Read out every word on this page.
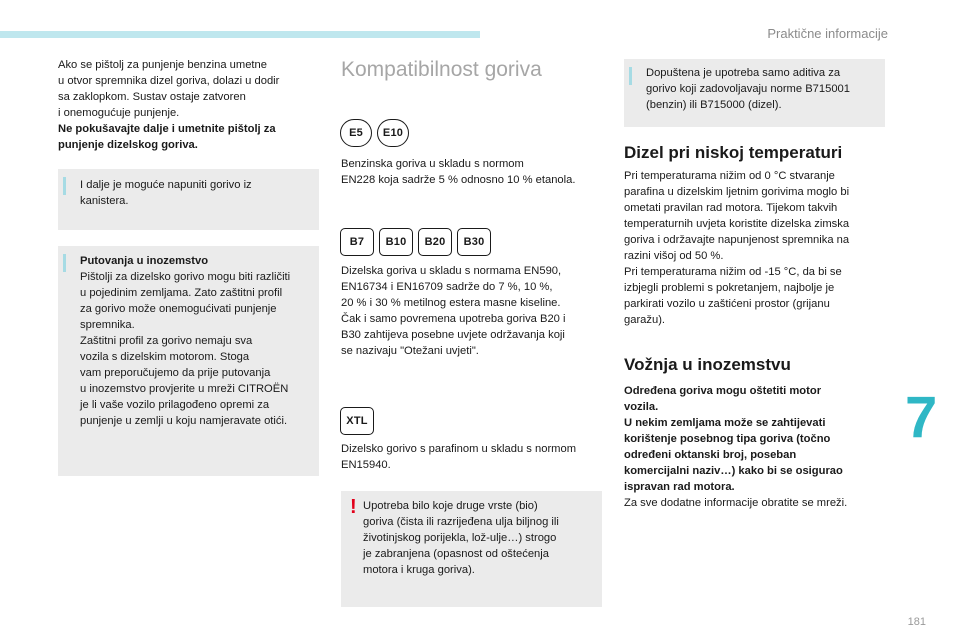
Praktične informacije

Ako se pištolj za punjenje benzina umetne

u otvor spremnika dizel goriva, dolazi u dodir

sa zaklopkom. Sustav ostaje zatvoren

i onemogućuje punjenje.

Ne pokušavajte dalje i umetnite pištolj za

punjenje dizelskog goriva.

I dalje je moguće napuniti gorivo iz

kanistera.

Putovanja u inozemstvo

Pištolji za dizelsko gorivo mogu biti različiti

u pojedinim zemljama. Zato zaštitni profil

za gorivo može onemogućivati punjenje

spremnika.

Zaštitni profil za gorivo nemaju sva

vozila s dizelskim motorom. Stoga

vam preporučujemo da prije putovanja

u inozemstvo provjerite u mreži CITROËN

je li vaše vozilo prilagođeno opremi za

punjenje u zemlji u koju namjeravate otići.

Kompatibilnost goriva
E5	E10

Benzinska goriva u skladu s normom

EN228 koja sadrže 5 % odnosno 10 % etanola.

B7	B10	B20	B30

Dizelska goriva u skladu s normama EN590,

EN16734 i EN16709 sadrže do 7 %, 10 %,

20 % i 30 % metilnog estera masne kiseline.

Čak i samo povremena upotreba goriva B20 i

B30 zahtijeva posebne uvjete održavanja koji

se nazivaju "Otežani uvjeti".

XTL

Dizelsko gorivo s parafinom u skladu s normom

EN15940.

! Upotreba bilo koje druge vrste (bio)

goriva (čista ili razrijeđena ulja biljnog ili

životinjskog porijekla, lož-ulje…) strogo

je zabranjena (opasnost od oštećenja

motora i kruga goriva).

Dopuštena je upotreba samo aditiva za

gorivo koji zadovoljavaju norme B715001

(benzin) ili B715000 (dizel).

Dizel pri niskoj temperaturi

Pri temperaturama nižim od 0 °C stvaranje

parafina u dizelskim ljetnim gorivima moglo bi

ometati pravilan rad motora. Tijekom takvih

temperaturnih uvjeta koristite dizelska zimska

goriva i održavajte napunjenost spremnika na

razini višoj od 50 %.

Pri temperaturama nižim od -15 °C, da bi se

izbjegli problemi s pokretanjem, najbolje je

parkirati vozilo u zaštićeni prostor (grijanu

garažu).

Vožnja u inozemstvu

Određena goriva mogu oštetiti motor

vozila.

U nekim zemljama može se zahtijevati

korištenje posebnog tipa goriva (točno

određeni oktanski broj, poseban

komercijalni naziv…) kako bi se osigurao

ispravan rad motora.

Za sve dodatne informacije obratite se mreži.

7
181
